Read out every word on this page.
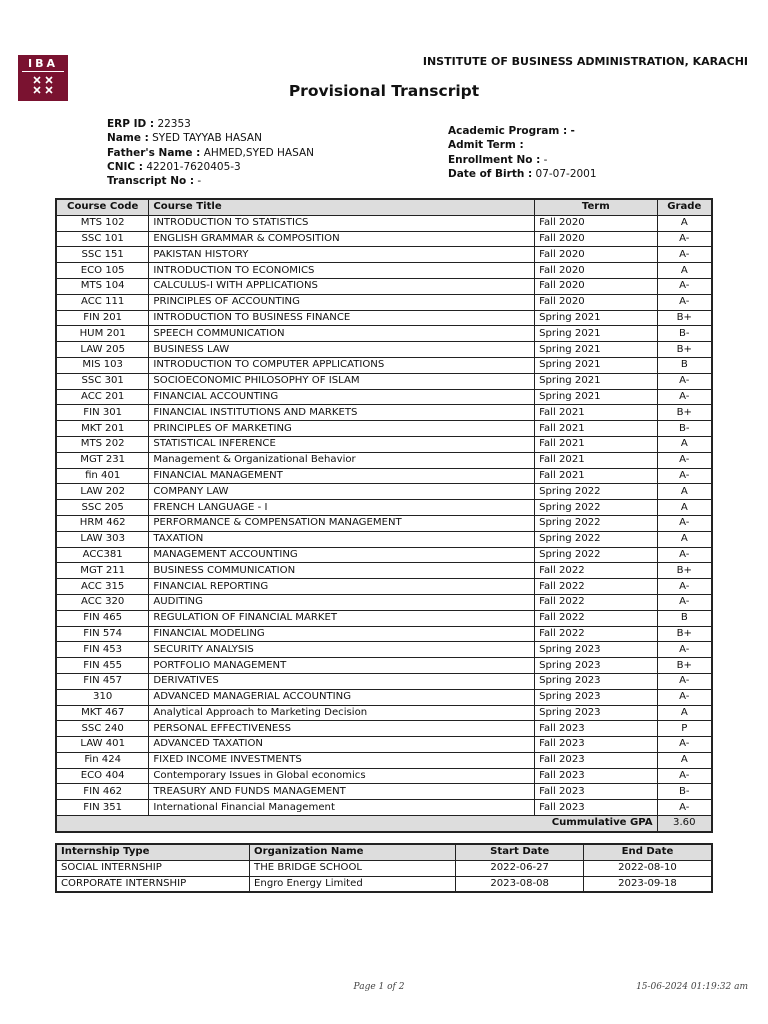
IBA	INSTITUTE OF BUSINESS ADMINISTRATION, KARACHI
Provisional Transcript
ERP ID : 22353
Name : SYED TAYYAB HASAN
Father's Name : AHMED,SYED HASAN
CNIC : 42201-7620405-3
Transcript No : -
Academic Program : -
Admit Term :
Enrollment No : -
Date of Birth : 07-07-2001
Course Code	Course Title	Term	Grade
MTS 102	INTRODUCTION TO STATISTICS	Fall 2020	A
SSC 101	ENGLISH GRAMMAR & COMPOSITION	Fall 2020	A-
SSC 151	PAKISTAN HISTORY	Fall 2020	A-
ECO 105	INTRODUCTION TO ECONOMICS	Fall 2020	A
MTS 104	CALCULUS-I WITH APPLICATIONS	Fall 2020	A-
ACC 111	PRINCIPLES OF ACCOUNTING	Fall 2020	A-
FIN 201	INTRODUCTION TO BUSINESS FINANCE	Spring 2021	B+
HUM 201	SPEECH COMMUNICATION	Spring 2021	B-
LAW 205	BUSINESS LAW	Spring 2021	B+
MIS 103	INTRODUCTION TO COMPUTER APPLICATIONS	Spring 2021	B
SSC 301	SOCIOECONOMIC PHILOSOPHY OF ISLAM	Spring 2021	A-
ACC 201	FINANCIAL ACCOUNTING	Spring 2021	A-
FIN 301	FINANCIAL INSTITUTIONS AND MARKETS	Fall 2021	B+
MKT 201	PRINCIPLES OF MARKETING	Fall 2021	B-
MTS 202	STATISTICAL INFERENCE	Fall 2021	A
MGT 231	Management & Organizational Behavior	Fall 2021	A-
fin 401	FINANCIAL MANAGEMENT	Fall 2021	A-
LAW 202	COMPANY LAW	Spring 2022	A
SSC 205	FRENCH LANGUAGE - I	Spring 2022	A
HRM 462	PERFORMANCE & COMPENSATION MANAGEMENT	Spring 2022	A-
LAW 303	TAXATION	Spring 2022	A
ACC381	MANAGEMENT ACCOUNTING	Spring 2022	A-
MGT 211	BUSINESS COMMUNICATION	Fall 2022	B+
ACC 315	FINANCIAL REPORTING	Fall 2022	A-
ACC 320	AUDITING	Fall 2022	A-
FIN 465	REGULATION OF FINANCIAL MARKET	Fall 2022	B
FIN 574	FINANCIAL MODELING	Fall 2022	B+
FIN 453	SECURITY ANALYSIS	Spring 2023	A-
FIN 455	PORTFOLIO MANAGEMENT	Spring 2023	B+
FIN 457	DERIVATIVES	Spring 2023	A-
310	ADVANCED MANAGERIAL ACCOUNTING	Spring 2023	A-
MKT 467	Analytical Approach to Marketing Decision	Spring 2023	A
SSC 240	PERSONAL EFFECTIVENESS	Fall 2023	P
LAW 401	ADVANCED TAXATION	Fall 2023	A-
Fin 424	FIXED INCOME INVESTMENTS	Fall 2023	A
ECO 404	Contemporary Issues in Global economics	Fall 2023	A-
FIN 462	TREASURY AND FUNDS MANAGEMENT	Fall 2023	B-
FIN 351	International Financial Management	Fall 2023	A-
Cummulative GPA			3.60
Internship Type	Organization Name	Start Date	End Date
SOCIAL INTERNSHIP	THE BRIDGE SCHOOL	2022-06-27	2022-08-10
CORPORATE INTERNSHIP	Engro Energy Limited	2023-08-08	2023-09-18
Page 1 of 2	15-06-2024 01:19:32 am
